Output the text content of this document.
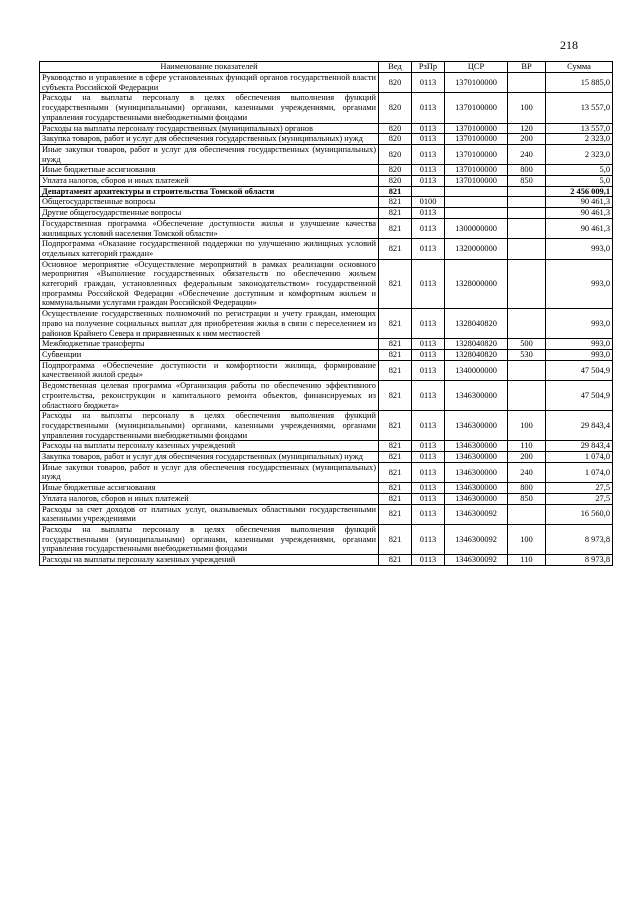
218
Наименование показателей	Вед	РзПр	ЦСР	ВР	Сумма
Руководство и управление в сфере установленных функций органов государственной власти субъекта Российской Федерации	820	0113	1370100000		15 885,0
Расходы на выплаты персоналу в целях обеспечения выполнения функций государственными (муниципальными) органами, казенными учреждениями, органами управления государственными внебюджетными фондами	820	0113	1370100000	100	13 557,0
Расходы на выплаты персоналу государственных (муниципальных) органов	820	0113	1370100000	120	13 557,0
Закупка товаров, работ и услуг для обеспечения государственных (муниципальных) нужд	820	0113	1370100000	200	2 323,0
Иные закупки товаров, работ и услуг для обеспечения государственных (муниципальных) нужд	820	0113	1370100000	240	2 323,0
Иные бюджетные ассигнования	820	0113	1370100000	800	5,0
Уплата налогов, сборов и иных платежей	820	0113	1370100000	850	5,0
Департамент архитектуры и строительства Томской области	821				2 456 009,1
Общегосударственные вопросы	821	0100			90 461,3
Другие общегосударственные вопросы	821	0113			90 461,3
Государственная программа «Обеспечение доступности жилья и улучшение качества жилищных условий населения Томской области»	821	0113	1300000000		90 461,3
Подпрограмма «Оказание государственной поддержки по улучшению жилищных условий отдельных категорий граждан»	821	0113	1320000000		993,0
Основное мероприятие «Осуществление мероприятий в рамках реализации основного мероприятия «Выполнение государственных обязательств по обеспечению жильем категорий граждан, установленных федеральным законодательством» государственной программы Российской Федерации «Обеспечение доступным и комфортным жильем и коммунальными услугами граждан Российской Федерации»	821	0113	1328000000		993,0
Осуществление государственных полномочий по регистрации и учету граждан, имеющих право на получение социальных выплат для приобретения жилья в связи с переселением из районов Крайнего Севера и приравненных к ним местностей	821	0113	1328040820		993,0
Межбюджетные трансферты	821	0113	1328040820	500	993,0
Субвенции	821	0113	1328040820	530	993,0
Подпрограмма «Обеспечение доступности и комфортности жилища, формирование качественной жилой среды»	821	0113	1340000000		47 504,9
Ведомственная целевая программа «Организация работы по обеспечению эффективного строительства, реконструкции и капитального ремонта объектов, финансируемых из областного бюджета»	821	0113	1346300000		47 504,9
Расходы на выплаты персоналу в целях обеспечения выполнения функций государственными (муниципальными) органами, казенными учреждениями, органами управления государственными внебюджетными фондами	821	0113	1346300000	100	29 843,4
Расходы на выплаты персоналу казенных учреждений	821	0113	1346300000	110	29 843,4
Закупка товаров, работ и услуг для обеспечения государственных (муниципальных) нужд	821	0113	1346300000	200	1 074,0
Иные закупки товаров, работ и услуг для обеспечения государственных (муниципальных) нужд	821	0113	1346300000	240	1 074,0
Иные бюджетные ассигнования	821	0113	1346300000	800	27,5
Уплата налогов, сборов и иных платежей	821	0113	1346300000	850	27,5
Расходы за счет доходов от платных услуг, оказываемых областными государственными казенными учреждениями	821	0113	1346300092		16 560,0
Расходы на выплаты персоналу в целях обеспечения выполнения функций государственными (муниципальными) органами, казенными учреждениями, органами управления государственными внебюджетными фондами	821	0113	1346300092	100	8 973,8
Расходы на выплаты персоналу казенных учреждений	821	0113	1346300092	110	8 973,8
